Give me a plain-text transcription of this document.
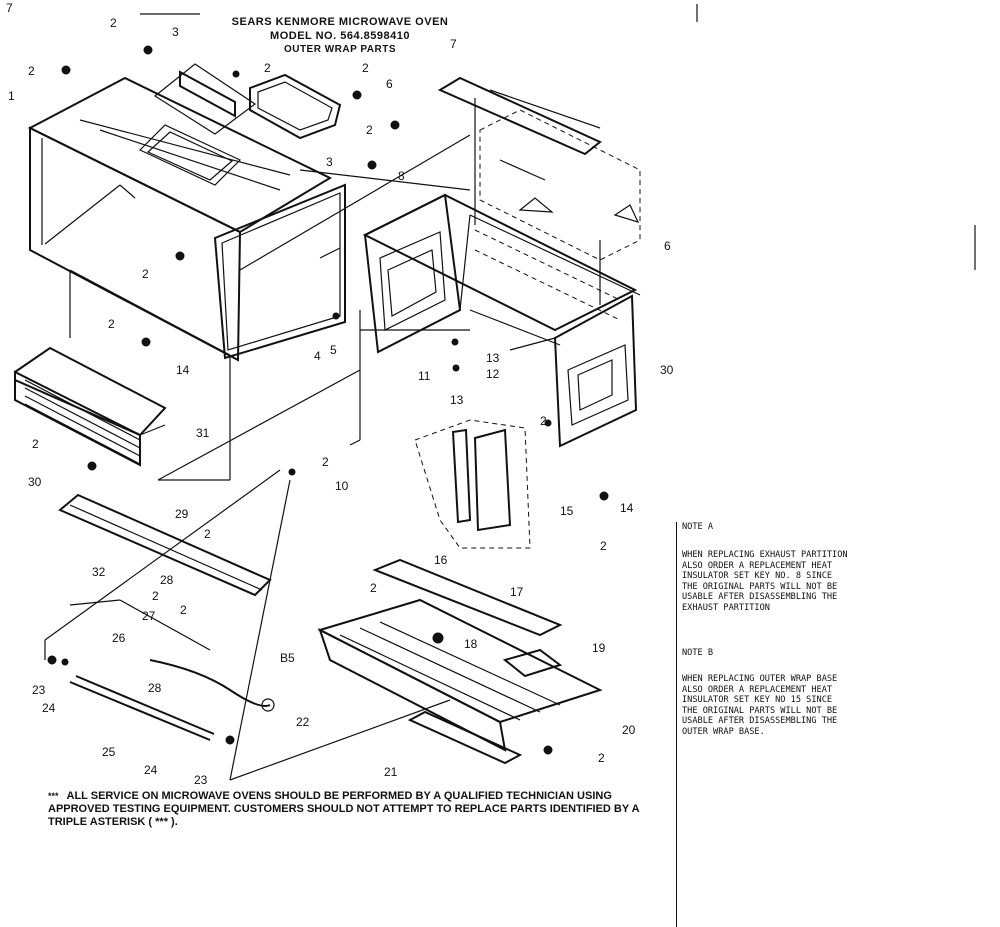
SEARS KENMORE MICROWAVE OVEN
MODEL NO. 564.8598410
OUTER WRAP PARTS
7
1
2
2	2	2
2
2
2
2
2
2
2
2
2
2
2
2
3
3
4 5
6
6
7
8
10
11	12
13
13
14
14
15
16
17
18	19
20
21
22
23
23
24
24
25
26
27
28
28
29
30
30
31
32
B5
NOTE A
WHEN REPLACING EXHAUST PARTITION
ALSO ORDER A REPLACEMENT HEAT
INSULATOR SET KEY NO. 8 SINCE
THE ORIGINAL PARTS WILL NOT BE
USABLE AFTER DISASSEMBLING THE
EXHAUST PARTITION
NOTE B
WHEN REPLACING OUTER WRAP BASE
ALSO ORDER A REPLACEMENT HEAT
INSULATOR SET KEY NO 15 SINCE
THE ORIGINAL PARTS WILL NOT BE
USABLE AFTER DISASSEMBLING THE
OUTER WRAP BASE.
*** ALL SERVICE ON MICROWAVE OVENS SHOULD BE PERFORMED BY A QUALIFIED TECHNICIAN USING APPROVED TESTING EQUIPMENT. CUSTOMERS SHOULD NOT ATTEMPT TO REPLACE PARTS IDENTIFIED BY A TRIPLE ASTERISK ( *** ).
